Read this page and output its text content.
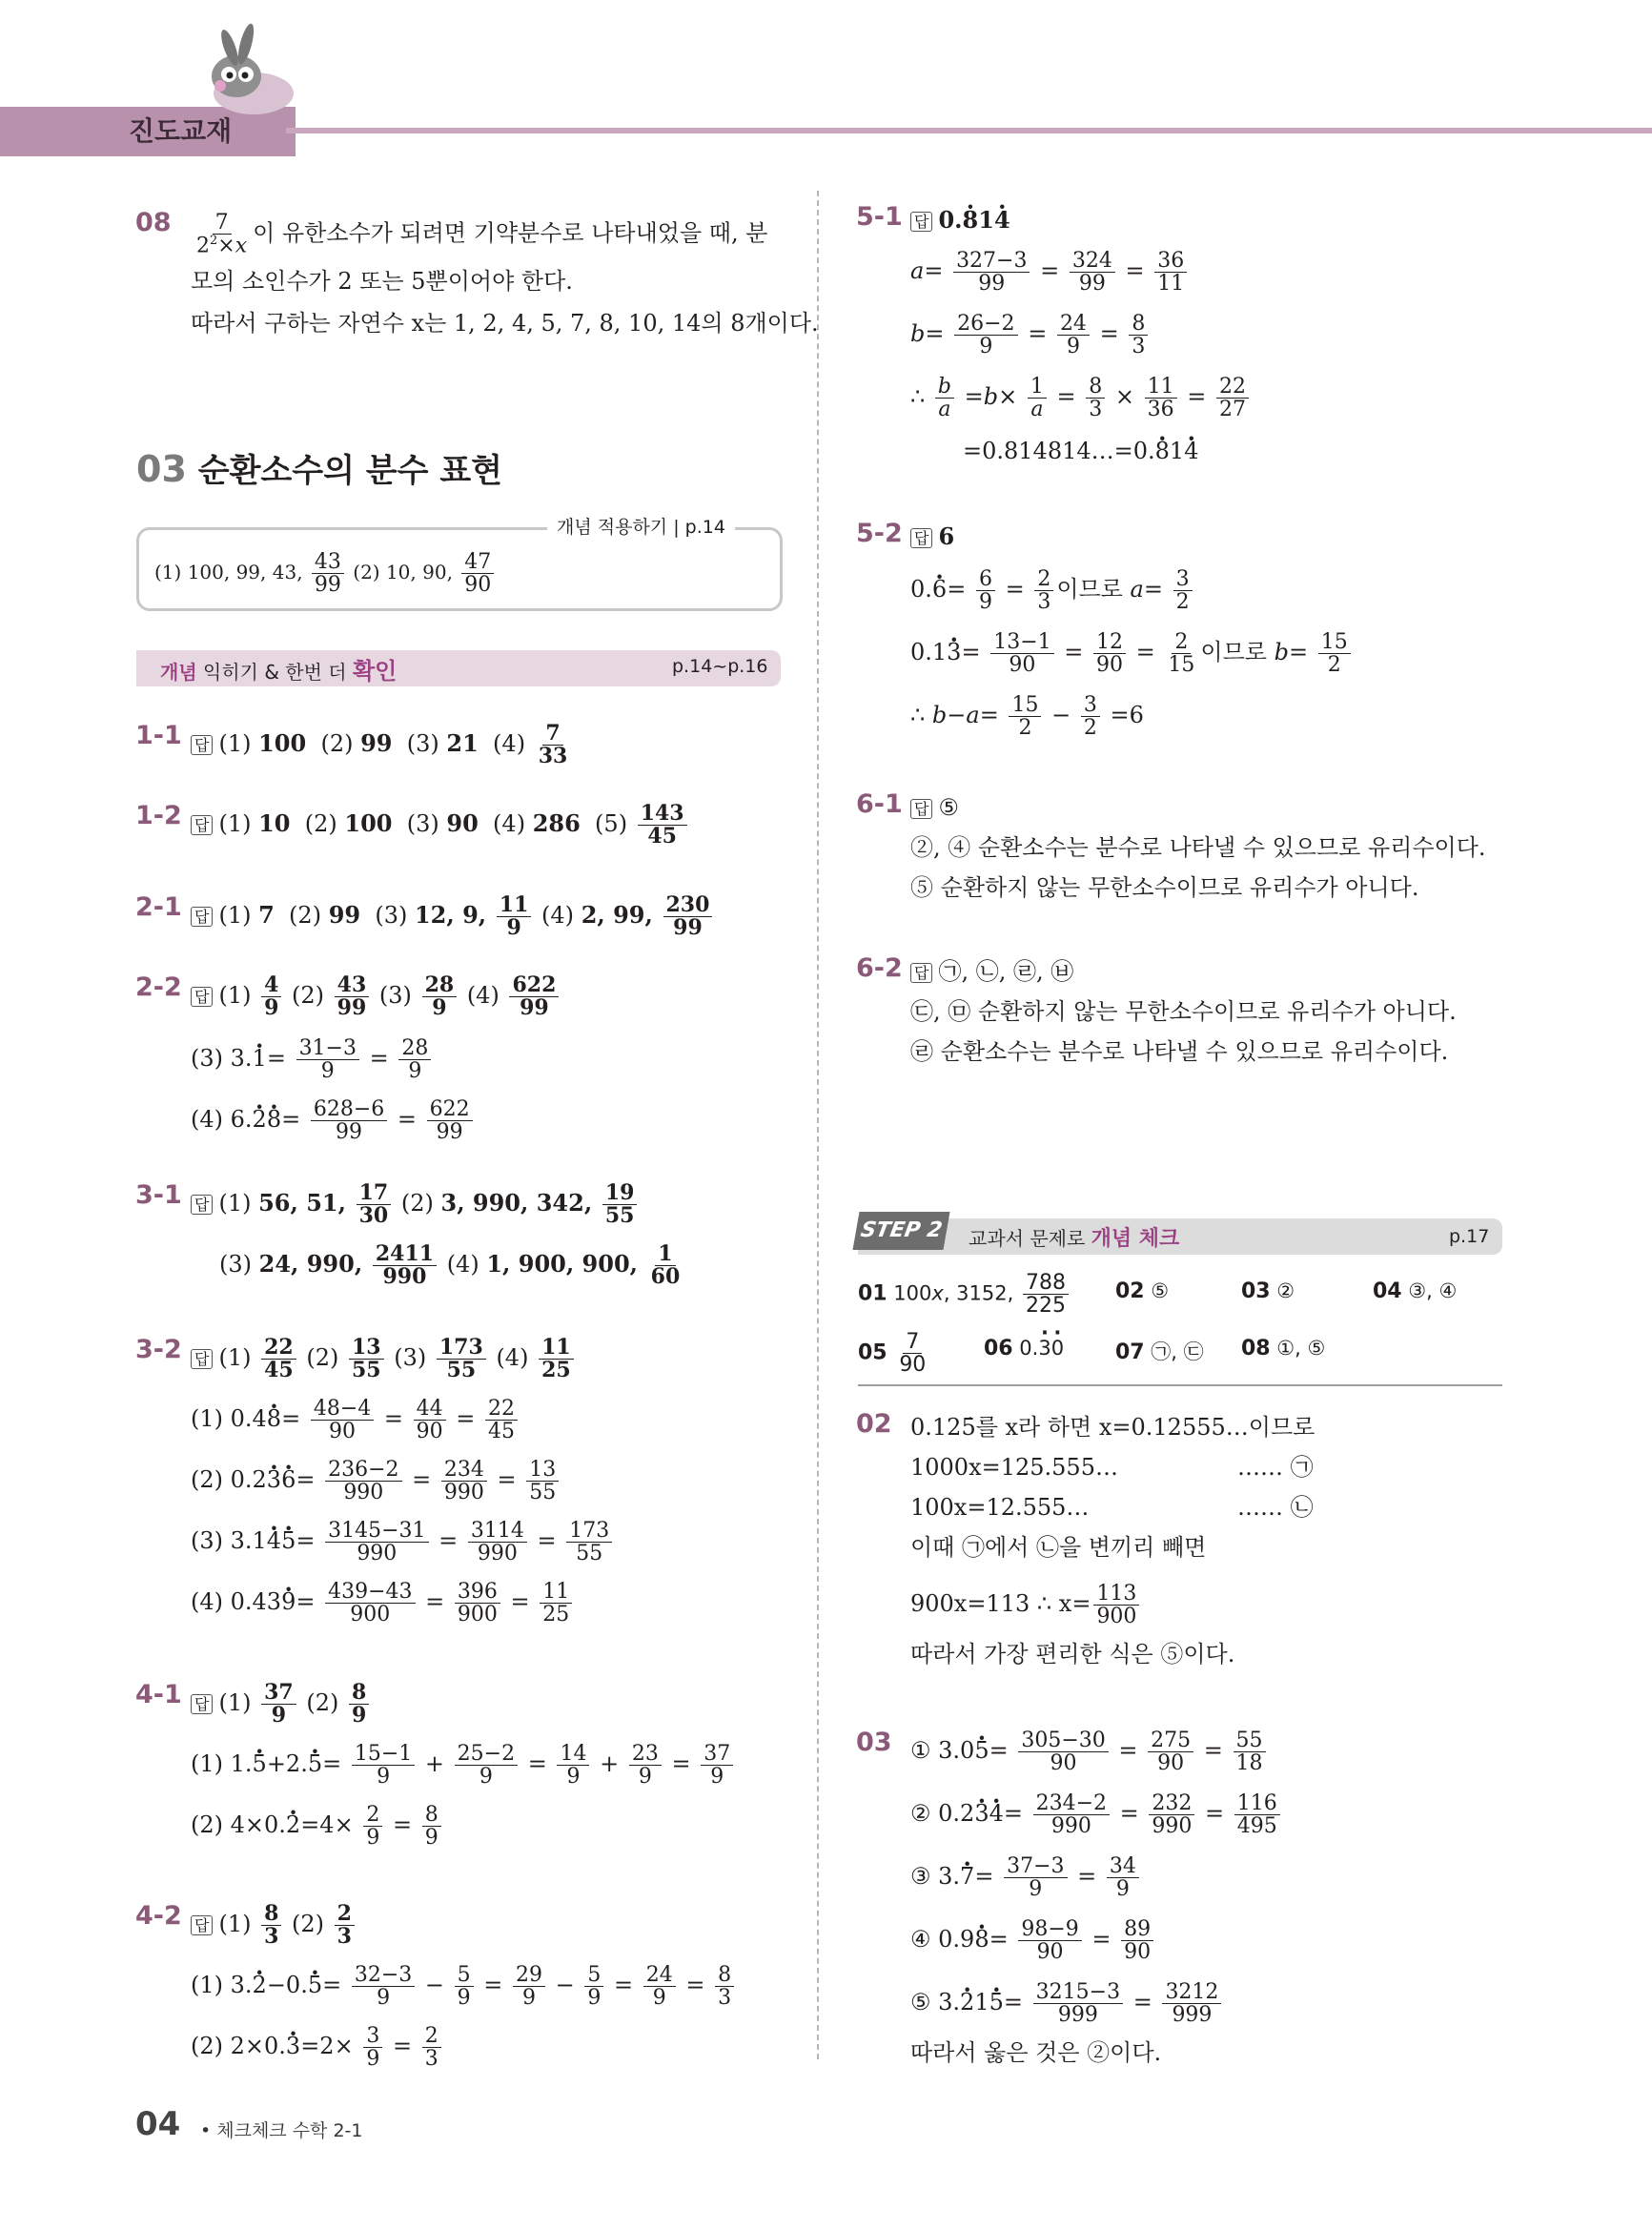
진도교재
$08 \frac{7}{2^2\times x}$ 이 유한소수가 되려면 기약분수로 나타내었을 때, 분
모의 소인수가 2 또는 5뿐이어야 한다.
따라서 구하는 자연수 x는 1, 2, 4, 5, 7, 8, 10, 14의 8개이다.
03 순환소수의 분수 표현
개념 적용하기 | p.14
(1) 100, 99, 43, $\frac{43}{99} (2)$ 10, 90, $\frac{47}{90}$
개념 익히기 & 한번 더 확인	p.14~p.16
1-1 답 (1) 100  (2) 99  (3) 21  $(4) \frac{7}{33}$
1-2 답 (1) 10  (2) 100  (3) 90  (4) 286  $(5) \frac{143}{45}$
2-1 답 (1) 7  (2) 99  (3) 12, 9, $\frac{11}{9} (4)$ 2, 99, $\frac{230}{99}$
2-2 답 $(1) \frac{4}{9} (2) \frac{43}{99} (3) \frac{28}{9} (4) \frac{622}{99}$
(3) $3.\cdot 1= \frac{31-3}{9} = \frac{28}{9}$
(4) $6.\cdot 2\cdot 8= \frac{628-6}{99} = \frac{622}{99}$
3-1 답 (1) 56, 51, $\frac{17}{30} (2)$ 3, 990, 342, $\frac{19}{55}$
(3) 24, 990, $\frac{2411}{990} (4)$ 1, 900, 900, $\frac{1}{60}$
3-2 답 $(1) \frac{22}{45} (2) \frac{13}{55} (3) \frac{173}{55} (4) \frac{11}{25}$
(1) $0.4\cdot 8= \frac{48-4}{90} = \frac{44}{90} = \frac{22}{45}$
(2) $0.2\cdot 3\cdot 6= \frac{236-2}{990} = \frac{234}{990} = \frac{13}{55}$
(3) $3.1\cdot 4\cdot 5= \frac{3145-31}{990} = \frac{3114}{990} = \frac{173}{55}$
(4) $0.43\cdot 9= \frac{439-43}{900} = \frac{396}{900} = \frac{11}{25}$
4-1 답 $(1) \frac{37}{9} (2) \frac{8}{9}$
(1) $1.\cdot 5+2.\cdot 5= \frac{15-1}{9} + \frac{25-2}{9} = \frac{14}{9} + \frac{23}{9} = \frac{37}{9}$
(2) $4\times 0.\cdot 2=4\times \frac{2}{9} = \frac{8}{9}$
4-2 답 $(1) \frac{8}{3} (2) \frac{2}{3}$
(1) $3.\cdot 2-0.\cdot 5= \frac{32-3}{9} - \frac{5}{9} = \frac{29}{9} - \frac{5}{9} = \frac{24}{9} = \frac{8}{3}$
(2) $2\times 0.\cdot 3=2\times \frac{3}{9} = \frac{2}{3}$
5-1 답 0.· 81· 4
$a= \frac{327-3}{99} = \frac{324}{99} = \frac{36}{11}$
$b= \frac{26-2}{9} = \frac{24}{9} = \frac{8}{3}$
∴ $\frac{b}{a} =b\times \frac{1}{a} = \frac{8}{3} \times \frac{11}{36} = \frac{22}{27}$
=0.814814…=0.· 81· 4
5-2 답 6
$0.\cdot 6= \frac{6}{9} = \frac{2}{3}$ 이므로 $a= \frac{3}{2}$
$0.1\cdot 3= \frac{13-1}{90} = \frac{12}{90} = \frac{2}{15}$ 이므로 $b= \frac{15}{2}$
∴ $b-a= \frac{15}{2} - \frac{3}{2} =6$
6-1 답 ⑤
②, ④ 순환소수는 분수로 나타낼 수 있으므로 유리수이다.
⑤ 순환하지 않는 무한소수이므로 유리수가 아니다.
6-2 답 ㉠, ㉡, ㉣, ㉥
㉢, ㉤ 순환하지 않는 무한소수이므로 유리수가 아니다.
㉣ 순환소수는 분수로 나타낼 수 있으므로 유리수이다.
STEP 2	교과서 문제로 개념 체크	p.17
01 100x, 3152, $\frac{788}{225} 02$ ⑤	03 ②	04 ③, ④
$05 \frac{7}{90}$	06 0.· 3· 0 07 ㉠, ㉢ 08 ①, ⑤
02 0.125̇를 x라 하면 x=0.12555…이므로
1000x=125.555…	…… ㉠
100x=12.555…	…… ㉡
이때 ㉠에서 ㉡을 변끼리 빼면
900x=113 ∴ $x= \frac{113}{900}$
따라서 가장 편리한 식은 ⑤이다.
03 ① $3.0\cdot 5= \frac{305-30}{90} = \frac{275}{90} = \frac{55}{18}$
② $0.2\cdot 3\cdot 4= \frac{234-2}{990} = \frac{232}{990} = \frac{116}{495}$
③ $3.\cdot 7= \frac{37-3}{9} = \frac{34}{9}$
④ $0.9\cdot 8= \frac{98-9}{90} = \frac{89}{90}$
⑤ $3.\cdot 21\cdot 5= \frac{3215-3}{999} = \frac{3212}{999}$
따라서 옳은 것은 ②이다.
04 • 체크체크 수학 2-1
